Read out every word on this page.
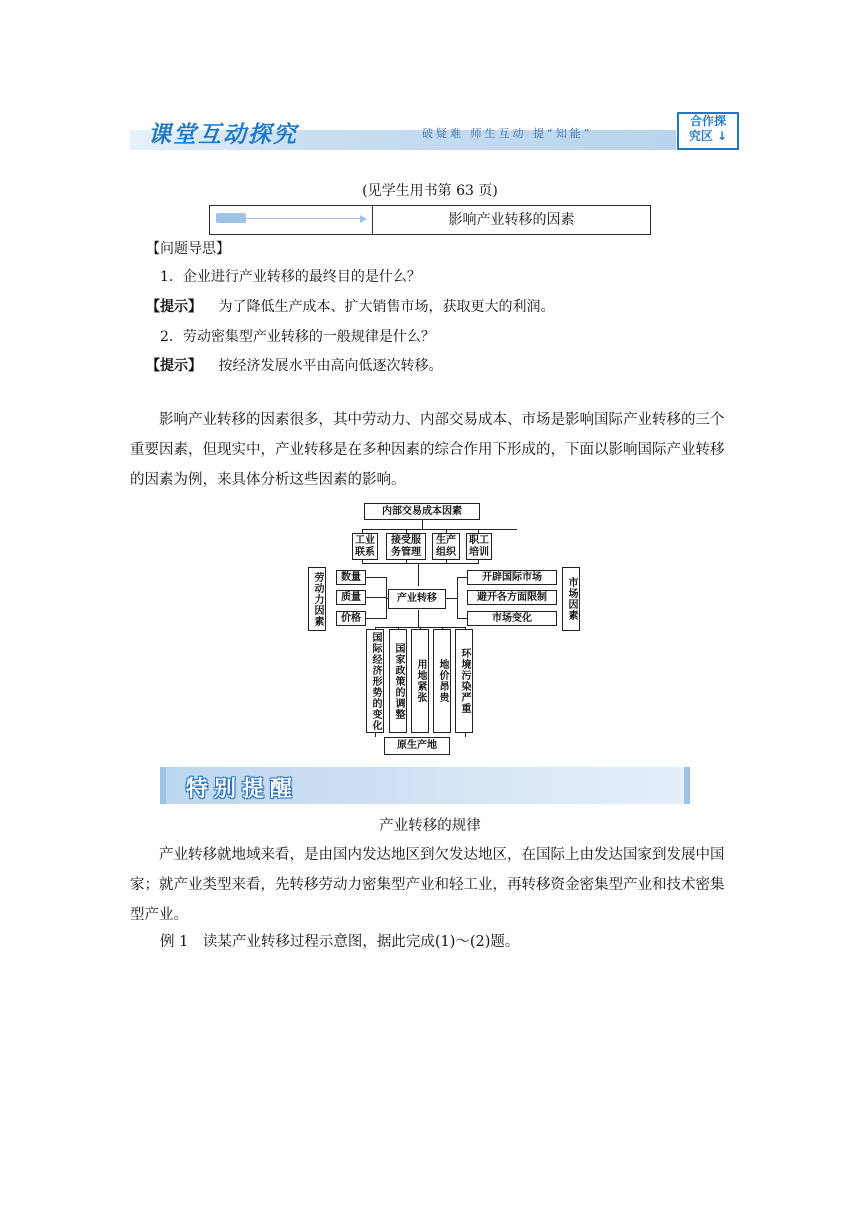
课堂互动探究	破疑难 师生互动 提“知能”
合作探
究区 ↓
(见学生用书第 63 页)
影响产业转移的因素
【问题导思】
1．企业进行产业转移的最终目的是什么？
【提示】 为了降低生产成本、扩大销售市场，获取更大的利润。
2．劳动密集型产业转移的一般规律是什么？
【提示】 按经济发展水平由高向低逐次转移。
影响产业转移的因素很多，其中劳动力、内部交易成本、市场是影响国际产业转移的三个重要因素，但现实中，产业转移是在多种因素的综合作用下形成的，下面以影响国际产业转移的因素为例，来具体分析这些因素的影响。
内部交易成本因素
工业联系
接受服务管理
生产组织
职工培训
劳动力因素	数量
质量
价格
产业转移
开辟国际市场
避开各方面限制
市场变化	市场因素
国际经济形势的变化	国家政策的调整	用地紧张	地价昂贵	环境污染严重
原生产地
特别提醒
产业转移的规律
产业转移就地域来看，是由国内发达地区到欠发达地区，在国际上由发达国家到发展中国家；就产业类型来看，先转移劳动力密集型产业和轻工业，再转移资金密集型产业和技术密集型产业。
例 1　读某产业转移过程示意图，据此完成(1)～(2)题。
